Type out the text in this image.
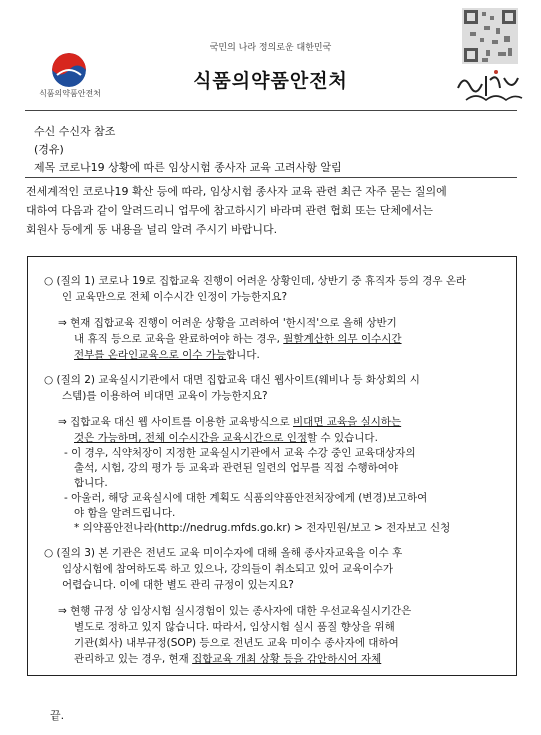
국민의 나라 정의로운 대한민국
식품의약품안전처
식품의약품안전처
수신 수신자 참조
(경유)
제목 코로나19 상황에 따른 임상시험 종사자 교육 고려사항 알림
전세계적인 코로나19 확산 등에 따라, 임상시험 종사자 교육 관련 최근 자주 묻는 질의에
대하여 다음과 같이 알려드리니 업무에 참고하시기 바라며 관련 협회 또는 단체에서는
회원사 등에게 동 내용을 널리 알려 주시기 바랍니다.
○ (질의 1) 코로나 19로 집합교육 진행이 어려운 상황인데, 상반기 중 휴직자 등의 경우 온라
인 교육만으로 전체 이수시간 인정이 가능한지요?
⇒ 현재 집합교육 진행이 어려운 상황을 고려하여 '한시적'으로 올해 상반기
내 휴직 등으로 교육을 완료하여야 하는 경우, 월할계산한 의무 이수시간
전부를 온라인교육으로 이수 가능합니다.
○ (질의 2) 교육실시기관에서 대면 집합교육 대신 웹사이트(웨비나 등 화상회의 시
스템)를 이용하여 비대면 교육이 가능한지요?
⇒ 집합교육 대신 웹 사이트를 이용한 교육방식으로 비대면 교육을 실시하는
것은 가능하며, 전체 이수시간을 교육시간으로 인정할 수 있습니다.
- 이 경우, 식약처장이 지정한 교육실시기관에서 교육 수강 중인 교육대상자의
출석, 시험, 강의 평가 등 교육과 관련된 일련의 업무를 직접 수행하여야
합니다.
- 아울러, 해당 교육실시에 대한 계획도 식품의약품안전처장에게 (변경)보고하여
야 함을 알려드립니다.
* 의약품안전나라(http://nedrug.mfds.go.kr) > 전자민원/보고 > 전자보고 신청
○ (질의 3) 본 기관은 전년도 교육 미이수자에 대해 올해 종사자교육을 이수 후
임상시험에 참여하도록 하고 있으나, 강의들이 취소되고 있어 교육이수가
어렵습니다. 이에 대한 별도 관리 규정이 있는지요?
⇒ 현행 규정 상 임상시험 실시경험이 있는 종사자에 대한 우선교육실시기간은
별도로 정하고 있지 않습니다. 따라서, 임상시험 실시 품질 향상을 위해
기관(회사) 내부규정(SOP) 등으로 전년도 교육 미이수 종사자에 대하여
관리하고 있는 경우, 현재 집합교육 개최 상황 등을 감안하시어 자체
끝.
